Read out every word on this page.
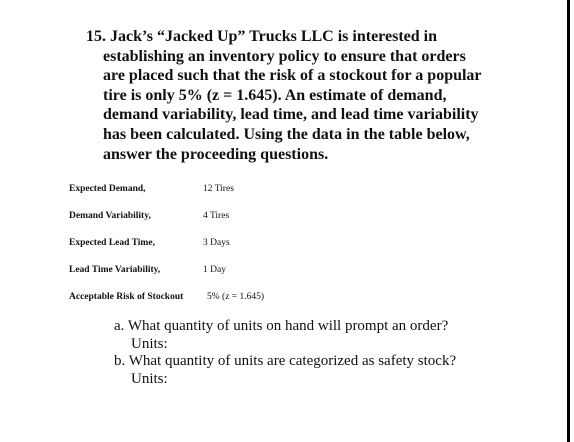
15. Jack’s “Jacked Up” Trucks LLC is interested in
establishing an inventory policy to ensure that orders
are placed such that the risk of a stockout for a popular
tire is only 5% (z = 1.645). An estimate of demand,
demand variability, lead time, and lead time variability
has been calculated. Using the data in the table below,
answer the proceeding questions.
Expected Demand,	12 Tires
Demand Variability,	4 Tires
Expected Lead Time,	3 Days
Lead Time Variability,	1 Day
Acceptable Risk of Stockout 5% (z = 1.645)
a. What quantity of units on hand will prompt an order?
Units:
b. What quantity of units are categorized as safety stock?
Units:
